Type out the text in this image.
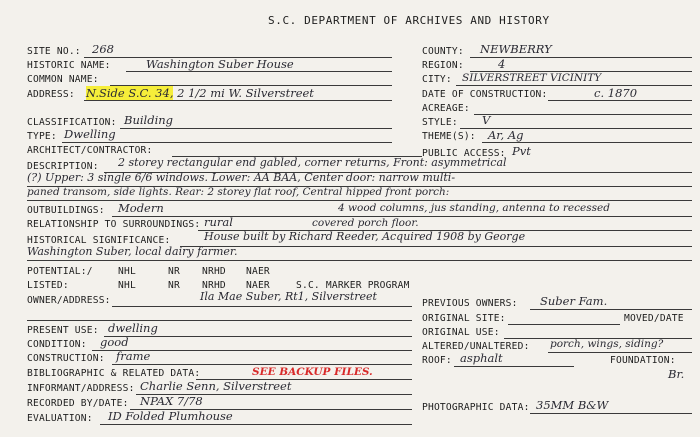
S.C. DEPARTMENT OF ARCHIVES AND HISTORY
SITE NO.: 268
HISTORIC NAME:	Washington Suber House
COMMON NAME:
ADDRESS: N.Side S.C. 34, 2 1/2 mi W. Silverstreet
COUNTY: NEWBERRY
REGION:	4
CITY: SILVERSTREET VICINITY
DATE OF CONSTRUCTION:	c. 1870
ACREAGE:
STYLE: V
THEME(S): Ar, Ag
CLASSIFICATION: Building
TYPE: Dwelling
ARCHITECT/CONTRACTOR:	PUBLIC ACCESS: Pvt
DESCRIPTION: 2 storey rectangular end gabled, corner returns, Front: asymmetrical
(?) Upper: 3 single 6/6 windows. Lower: AA BAA, Center door: narrow multi-
paned transom, side lights. Rear: 2 storey flat roof, Central hipped front porch:
OUTBUILDINGS: Modern	4 wood columns, jus standing, antenna to recessed
RELATIONSHIP TO SURROUNDINGS: rural	covered porch floor.
HISTORICAL SIGNIFICANCE:	House built by Richard Reeder, Acquired 1908 by George
Washington Suber, local dairy farmer.
POTENTIAL:/	NHL	NR NRHD NAER
LISTED:	NHL	NR NRHD NAER	S.C. MARKER PROGRAM
OWNER/ADDRESS:	Ila Mae Suber, Rt1, Silverstreet
PREVIOUS OWNERS: Suber Fam.
ORIGINAL SITE:	MOVED/DATE
ORIGINAL USE:
PRESENT USE: dwelling
ALTERED/UNALTERED: porch, wings, siding?
CONDITION: good
ROOF: asphalt	FOUNDATION:
Br.
CONSTRUCTION: frame
BIBLIOGRAPHIC & RELATED DATA:	SEE BACKUP FILES.
INFORMANT/ADDRESS: Charlie Senn, Silverstreet
RECORDED BY/DATE: NPAX 7/78	PHOTOGRAPHIC DATA: 35MM B&W
EVALUATION: ID Folded Plumhouse
